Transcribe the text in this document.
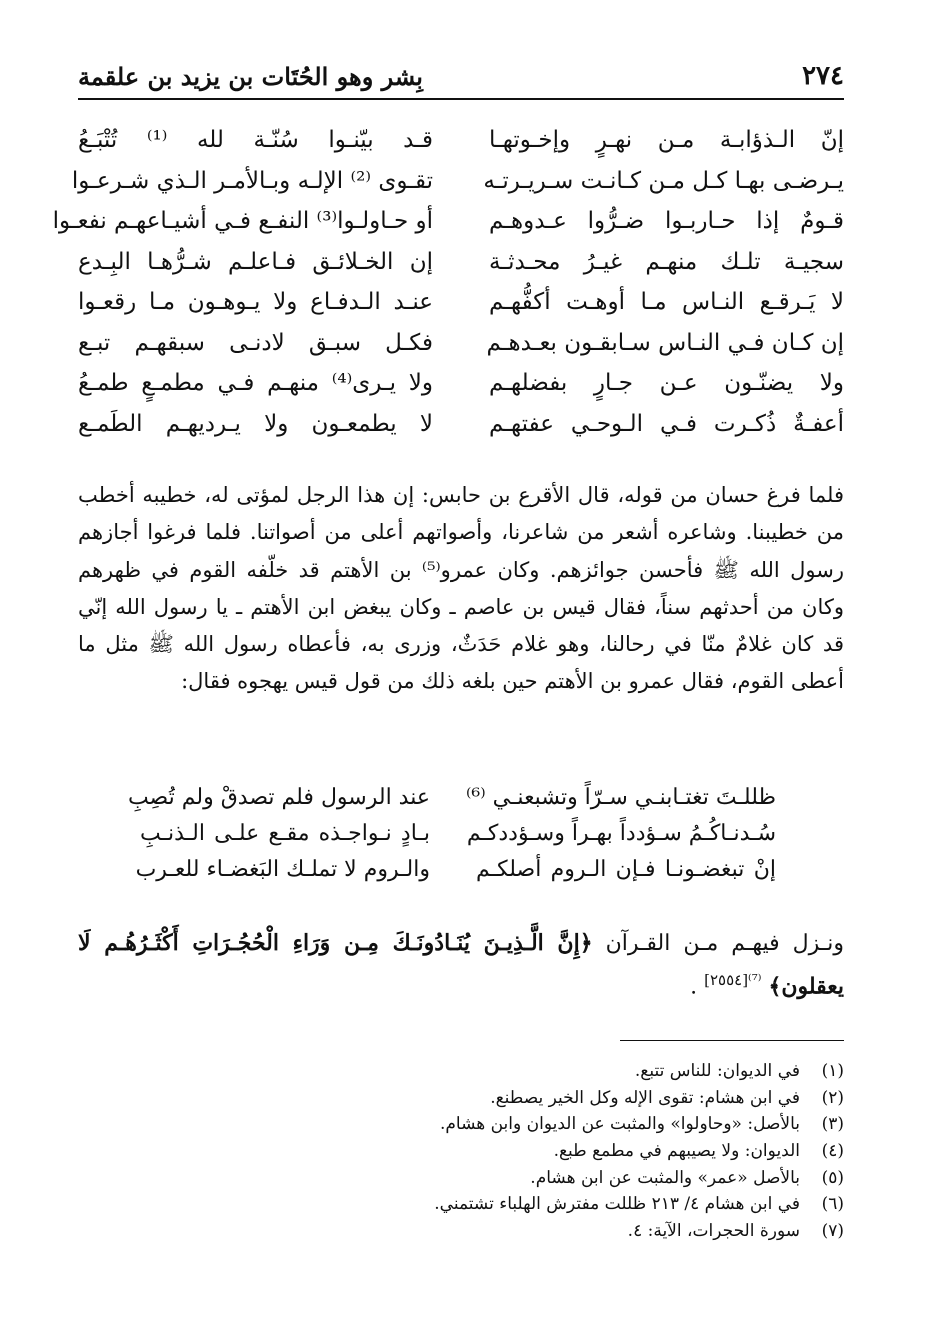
٢٧٤
بِشر وهو الحُتَات بن يزيد بن علقمة
إنّ الـذؤابـة مـن نهـرٍ وإخـوتهـا
يـرضـى بهـا كـل مـن كـانـت سـريـرتـه
قـومٌ إذا حـاربـوا ضـرُّوا عـدوهـم
سجيـة تلـك منهـم غيـرُ محـدثـة
لا يَـرقـع النـاس مـا أوهـت أكفُّهـم
إن كـان فـي النـاس سـابقـون بعـدهـم
ولا يضنّـون عـن جـارٍ بفضلهـم
أعفـةٌ ذُكـرت فـي الـوحـي عفتهـم
قـد بيّنـوا سُنّـة لله ⁽¹⁾ تُتْبَـعُ
تقـوى ⁽²⁾ الإلـه وبـالأمـر الـذي شـرعـوا
أو حـاولـوا⁽³⁾ النفـع فـي أشيـاعهـم نفعـوا
إن الخـلائـق فـاعلـم شـرُّهـا البِـدع
عنـد الـدفـاع ولا يـوهـون مـا رقعـوا
فكـل سبـق لادنـى سبقهـم تبـع
ولا يـرى⁽⁴⁾ منهـم فـي مطمـعٍ طمـعُ
لا يطمعـون ولا يـرديهـم الطَمـع
فلما فرغ حسان من قوله، قال الأقرع بن حابس: إن هذا الرجل لمؤتى له، خطيبه أخطب من خطيبنا. وشاعره أشعر من شاعرنا، وأصواتهم أعلى من أصواتنا. فلما فرغوا أجازهم رسول الله ﷺ فأحسن جوائزهم. وكان عمرو⁽⁵⁾ بن الأهتم قد خلّفه القوم في ظهرهم وكان من أحدثهم سناً، فقال قيس بن عاصم ـ وكان يبغض ابن الأهتم ـ يا رسول الله إنّي قد كان غلامٌ منّا في رحالنا، وهو غلام حَدَثٌ، وزرى به، فأعطاه رسول الله ﷺ مثل ما أعطى القوم، فقال عمرو بن الأهتم حين بلغه ذلك من قول قيس يهجوه فقال:
ظللـتَ تغتـابنـي سـرّاً وتشبعنـي ⁽⁶⁾
سُـدنـاكُـمُ سـؤدداً بهـراً وسـؤددكـم
إنْ تبغضـونـا فـإن الـروم أصلكـم
عند الرسول فلم تصدقْ ولم تُصِبِ
بـادٍ نـواجـذه مقـع علـى الـذنـبِ
والـروم لا تملـك البَغضـاء للعـرب
ونـزل فيهـم مـن القـرآن ﴿إِنَّ الَّـذِيـنَ يُنَـادُونَـكَ مِـن وَرَاءِ الْحُجُـرَاتِ أَكْثَـرُهُـم لَا يعقلون﴾ $^{^{(7)}[٢٥٥٤]}$ .
(١)في الديوان: للناس تتبع.
(٢)في ابن هشام: تقوى الإله وكل الخير يصطنع.
(٣)بالأصل: «وحاولوا» والمثبت عن الديوان وابن هشام.
(٤)الديوان: ولا يصيبهم في مطمع طبع.
(٥)بالأصل «عمر» والمثبت عن ابن هشام.
(٦)في ابن هشام ٤/ ٢١٣ ظللت مفترش الهلباء تشتمني.
(٧)سورة الحجرات، الآية: ٤.
